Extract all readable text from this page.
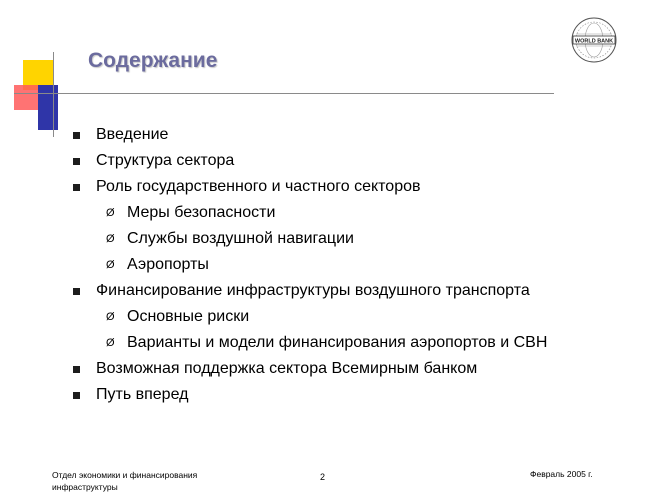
Содержание
WORLD BANK
Введение
Структура сектора
Роль государственного и частного секторов
Ø Меры безопасности
Ø Службы воздушной навигации
Ø Аэропорты
Финансирование инфраструктуры воздушного транспорта
Ø Основные риски
Ø Варианты и модели финансирования аэропортов и СВН
Возможная поддержка сектора Всемирным банком
Путь вперед
Отдел экономики и финансирования инфраструктуры
2	Февраль 2005 г.
